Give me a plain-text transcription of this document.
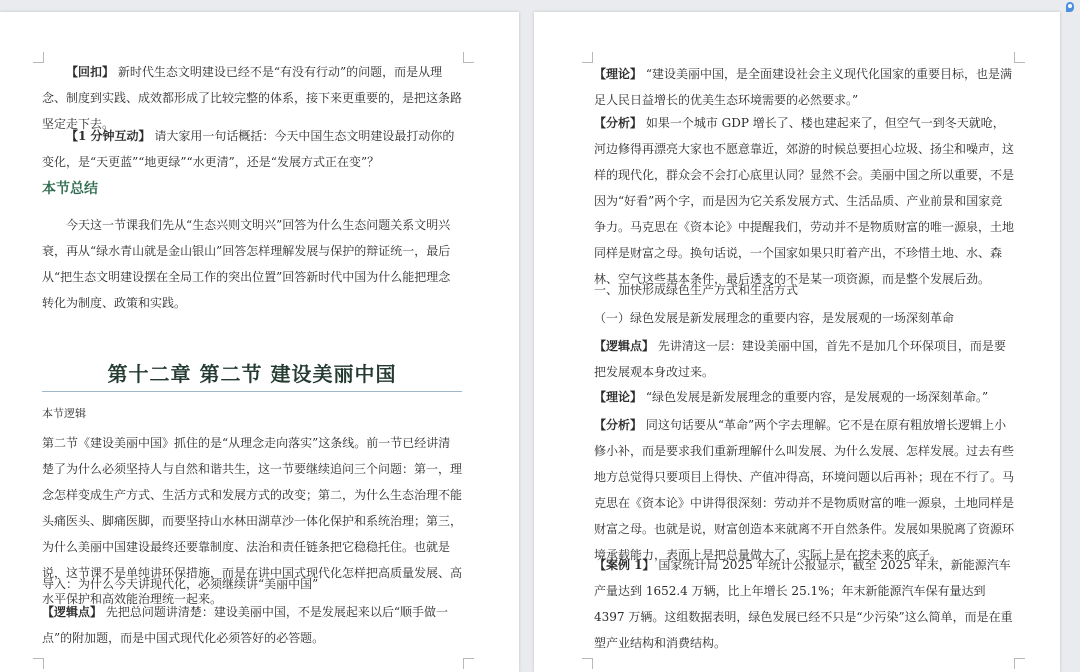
【回扣】 新时代生态文明建设已经不是“有没有行动”的问题，而是从理念、制度到实践、成效都形成了比较完整的体系，接下来更重要的，是把这条路坚定走下去。

【1 分钟互动】 请大家用一句话概括：今天中国生态文明建设最打动你的变化，是“天更蓝”“地更绿”“水更清”，还是“发展方式正在变”？

本节总结

今天这一节课我们先从“生态兴则文明兴”回答为什么生态问题关系文明兴衰，再从“绿水青山就是金山银山”回答怎样理解发展与保护的辩证统一，最后从“把生态文明建设摆在全局工作的突出位置”回答新时代中国为什么能把理念转化为制度、政策和实践。

第十二章 第二节 建设美丽中国
本节逻辑

第二节《建设美丽中国》抓住的是“从理念走向落实”这条线。前一节已经讲清楚了为什么必须坚持人与自然和谐共生，这一节要继续追问三个问题：第一，理念怎样变成生产方式、生活方式和发展方式的改变；第二，为什么生态治理不能头痛医头、脚痛医脚，而要坚持山水林田湖草沙一体化保护和系统治理；第三，为什么美丽中国建设最终还要靠制度、法治和责任链条把它稳稳托住。也就是说，这节课不是单纯讲环保措施，而是在讲中国式现代化怎样把高质量发展、高水平保护和高效能治理统一起来。

导入：为什么今天讲现代化，必须继续讲“美丽中国”

【逻辑点】 先把总问题讲清楚：建设美丽中国，不是发展起来以后“顺手做一点”的附加题，而是中国式现代化必须答好的必答题。

【理论】 “建设美丽中国，是全面建设社会主义现代化国家的重要目标，也是满足人民日益增长的优美生态环境需要的必然要求。”

【分析】 如果一个城市 GDP 增长了、楼也建起来了，但空气一到冬天就呛，河边修得再漂亮大家也不愿意靠近，郊游的时候总要担心垃圾、扬尘和噪声，这样的现代化，群众会不会打心底里认同？显然不会。美丽中国之所以重要，不是因为“好看”两个字，而是因为它关系发展方式、生活品质、产业前景和国家竞争力。马克思在《资本论》中提醒我们，劳动并不是物质财富的唯一源泉，土地同样是财富之母。换句话说，一个国家如果只盯着产出，不珍惜土地、水、森林、空气这些基本条件，最后透支的不是某一项资源，而是整个发展后劲。

一、加快形成绿色生产方式和生活方式
（一）绿色发展是新发展理念的重要内容，是发展观的一场深刻革命

【逻辑点】 先讲清这一层：建设美丽中国，首先不是加几个环保项目，而是要把发展观本身改过来。

【理论】 “绿色发展是新发展理念的重要内容，是发展观的一场深刻革命。”

【分析】 同这句话要从“革命”两个字去理解。它不是在原有粗放增长逻辑上小修小补，而是要求我们重新理解什么叫发展、为什么发展、怎样发展。过去有些地方总觉得只要项目上得快、产值冲得高，环境问题以后再补；现在不行了。马克思在《资本论》中讲得很深刻：劳动并不是物质财富的唯一源泉，土地同样是财富之母。也就是说，财富创造本来就离不开自然条件。发展如果脱离了资源环境承载能力，表面上是把总量做大了，实际上是在挖未来的底子。

【案例 1】 国家统计局 2025 年统计公报显示，截至 2025 年末，新能源汽车产量达到 1652.4 万辆，比上年增长 25.1%；年末新能源汽车保有量达到 4397 万辆。这组数据表明，绿色发展已经不只是“少污染”这么简单，而是在重塑产业结构和消费结构。
